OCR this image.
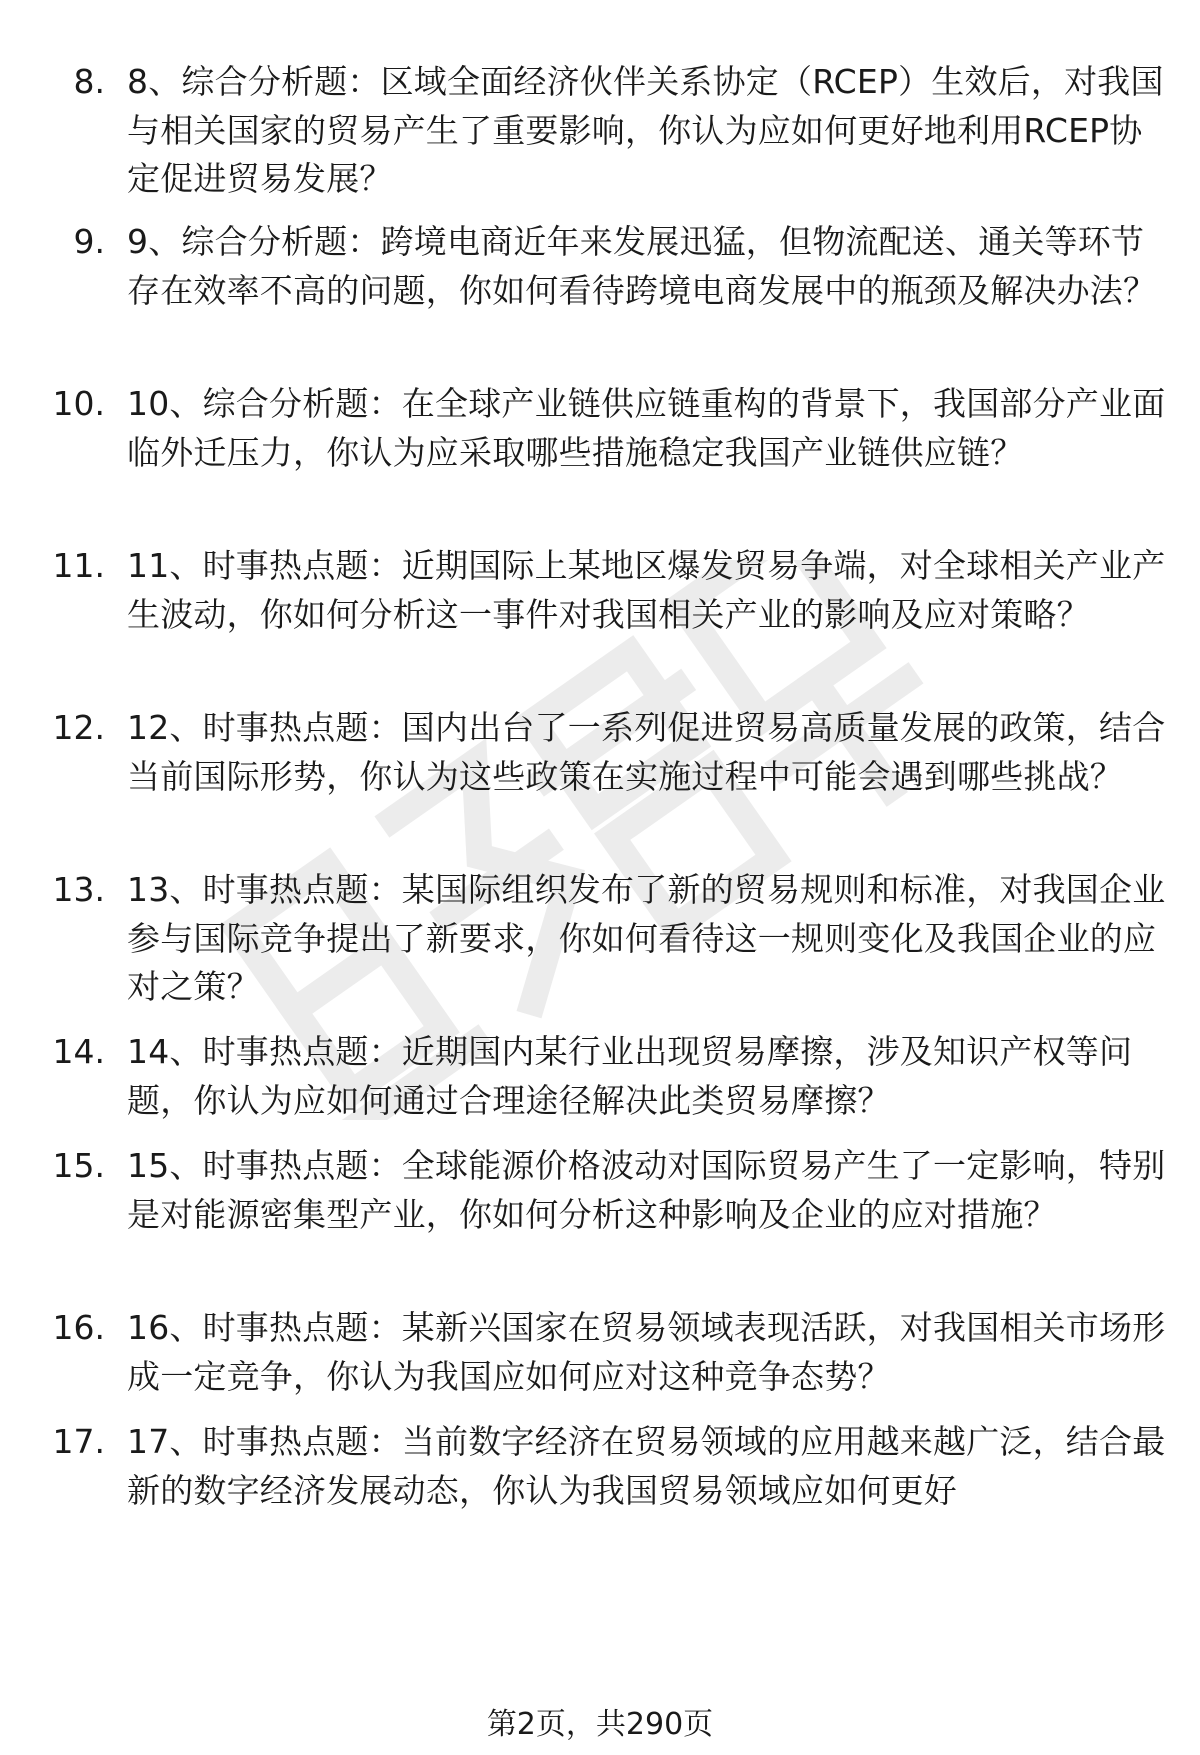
8. 8、综合分析题：区域全面经济伙伴关系协定（RCEP）生效后，对我国与相关国家的贸易产生了重要影响，你认为应如何更好地利用RCEP协定促进贸易发展？
9. 9、综合分析题：跨境电商近年来发展迅猛，但物流配送、通关等环节存在效率不高的问题，你如何看待跨境电商发展中的瓶颈及解决办法？
10. 10、综合分析题：在全球产业链供应链重构的背景下，我国部分产业面临外迁压力，你认为应采取哪些措施稳定我国产业链供应链？
11. 11、时事热点题：近期国际上某地区爆发贸易争端，对全球相关产业产生波动，你如何分析这一事件对我国相关产业的影响及应对策略？
12. 12、时事热点题：国内出台了一系列促进贸易高质量发展的政策，结合当前国际形势，你认为这些政策在实施过程中可能会遇到哪些挑战？
13. 13、时事热点题：某国际组织发布了新的贸易规则和标准，对我国企业参与国际竞争提出了新要求，你如何看待这一规则变化及我国企业的应对之策？
14. 14、时事热点题：近期国内某行业出现贸易摩擦，涉及知识产权等问题，你认为应如何通过合理途径解决此类贸易摩擦？
15. 15、时事热点题：全球能源价格波动对国际贸易产生了一定影响，特别是对能源密集型产业，你如何分析这种影响及企业的应对措施？
16. 16、时事热点题：某新兴国家在贸易领域表现活跃，对我国相关市场形成一定竞争，你认为我国应如何应对这种竞争态势？
17. 17、时事热点题：当前数字经济在贸易领域的应用越来越广泛，结合最新的数字经济发展动态，你认为我国贸易领域应如何更好
第2页，共290页
